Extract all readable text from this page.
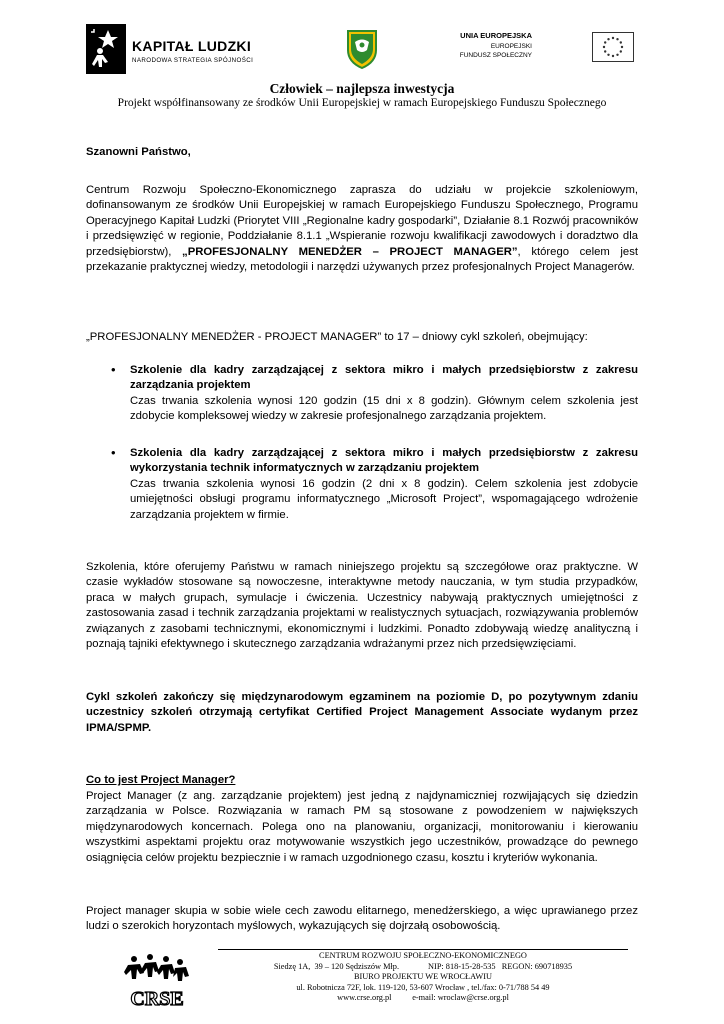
KAPITAŁ LUDZKI
NARODOWA STRATEGIA SPÓJNOŚCI
UNIA EUROPEJSKA
EUROPEJSKI
FUNDUSZ SPOŁECZNY
Człowiek – najlepsza inwestycja
Projekt współfinansowany ze środków Unii Europejskiej w ramach Europejskiego Funduszu Społecznego
Szanowni Państwo,
Centrum Rozwoju Społeczno-Ekonomicznego zaprasza do udziału w projekcie szkoleniowym, dofinansowanym ze środków Unii Europejskiej w ramach Europejskiego Funduszu Społecznego, Programu Operacyjnego Kapitał Ludzki (Priorytet VIII „Regionalne kadry gospodarki”, Działanie 8.1 Rozwój pracowników i przedsięwzięć w regionie, Poddziałanie 8.1.1 „Wspieranie rozwoju kwalifikacji zawodowych i doradztwo dla przedsiębiorstw), „PROFESJONALNY MENEDŻER – PROJECT MANAGER”, którego celem jest przekazanie praktycznej wiedzy, metodologii i narzędzi używanych przez profesjonalnych Project Managerów.
„PROFESJONALNY MENEDŻER - PROJECT MANAGER” to 17 – dniowy cykl szkoleń, obejmujący:
• Szkolenie dla kadry zarządzającej z sektora mikro i małych przedsiębiorstw z zakresu zarządzania projektem
Czas trwania szkolenia wynosi 120 godzin (15 dni x 8 godzin). Głównym celem szkolenia jest zdobycie kompleksowej wiedzy w zakresie profesjonalnego zarządzania projektem.
• Szkolenia dla kadry zarządzającej z sektora mikro i małych przedsiębiorstw z zakresu wykorzystania technik informatycznych w zarządzaniu projektem
Czas trwania szkolenia wynosi 16 godzin (2 dni x 8 godzin). Celem szkolenia jest zdobycie umiejętności obsługi programu informatycznego „Microsoft Project”, wspomagającego wdrożenie zarządzania projektem w firmie.
Szkolenia, które oferujemy Państwu w ramach niniejszego projektu są szczegółowe oraz praktyczne. W czasie wykładów stosowane są nowoczesne, interaktywne metody nauczania, w tym studia przypadków, praca w małych grupach, symulacje i ćwiczenia. Uczestnicy nabywają praktycznych umiejętności z zastosowania zasad i technik zarządzania projektami w realistycznych sytuacjach, rozwiązywania problemów związanych z zasobami technicznymi, ekonomicznymi i ludzkimi. Ponadto zdobywają wiedzę analityczną i poznają tajniki efektywnego i skutecznego zarządzania wdrażanymi przez nich przedsięwzięciami.
Cykl szkoleń zakończy się międzynarodowym egzaminem na poziomie D, po pozytywnym zdaniu uczestnicy szkoleń otrzymają certyfikat Certified Project Management Associate wydanym przez IPMA/SPMP.
Co to jest Project Manager?
Project Manager (z ang. zarządzanie projektem) jest jedną z najdynamiczniej rozwijających się dziedzin zarządzania w Polsce. Rozwiązania w ramach PM są stosowane z powodzeniem w największych międzynarodowych koncernach. Polega ono na planowaniu, organizacji, monitorowaniu i kierowaniu wszystkimi aspektami projektu oraz motywowanie wszystkich jego uczestników, prowadzące do pewnego osiągnięcia celów projektu bezpiecznie i w ramach uzgodnionego czasu, kosztu i kryteriów wykonania.
Project manager skupia w sobie wiele cech zawodu elitarnego, menedżerskiego, a więc uprawianego przez ludzi o szerokich horyzontach myślowych, wykazujących się dojrzałą osobowością.
CRSE
CENTRUM ROZWOJU SPOŁECZNO-EKONOMICZNEGO
Siedzę 1A,  39 – 120 Sędziszów Młp.              NIP: 818-15-28-535   REGON: 690718935
BIURO PROJEKTU WE WROCŁAWIU
ul. Robotnicza 72F, lok. 119-120, 53-607 Wrocław , tel./fax: 0-71/788 54 49
www.crse.org.pl          e-mail: wroclaw@crse.org.pl
